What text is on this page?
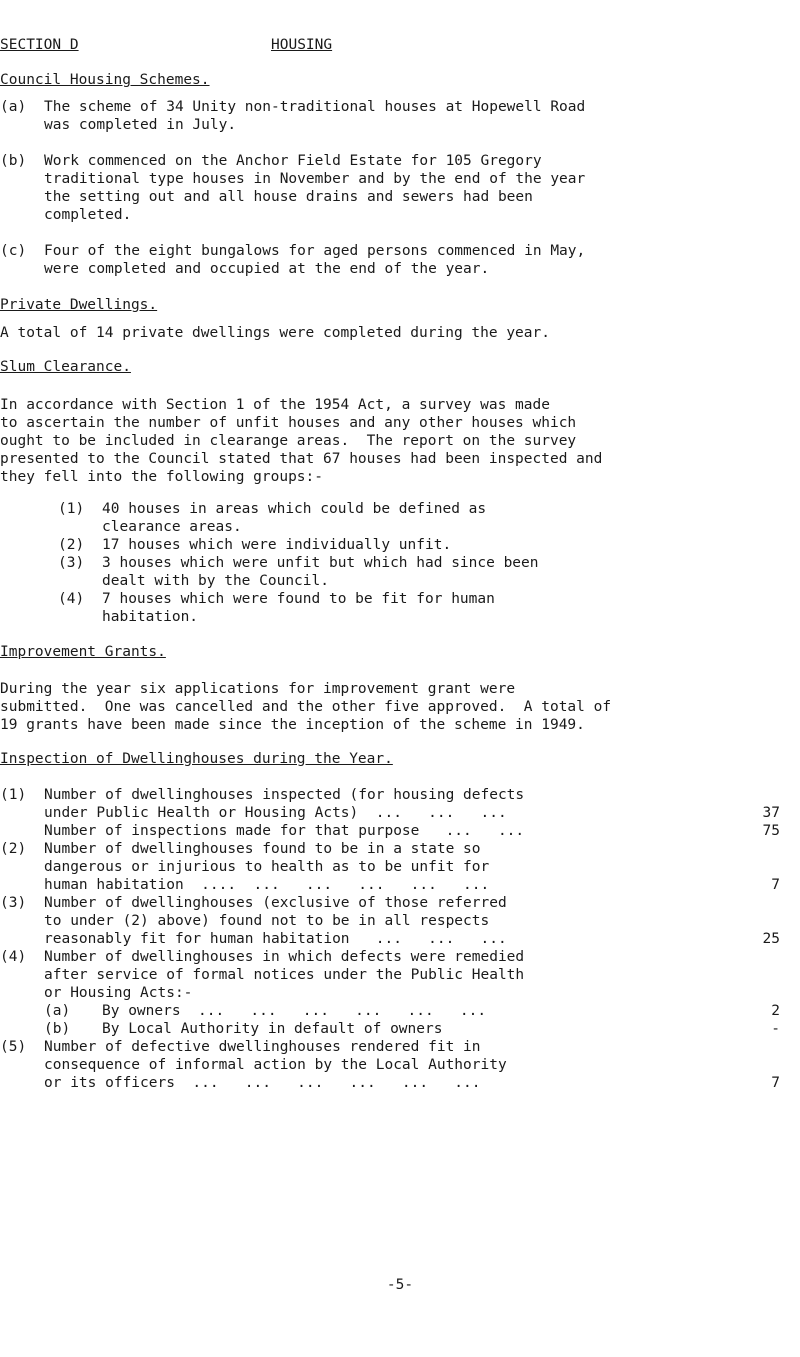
SECTION D	HOUSING
Council Housing Schemes.
(a) The scheme of 34 Unity non-traditional houses at Hopewell Road
was completed in July.
(b) Work commenced on the Anchor Field Estate for 105 Gregory
traditional type houses in November and by the end of the year
the setting out and all house drains and sewers had been
completed.
(c) Four of the eight bungalows for aged persons commenced in May,
were completed and occupied at the end of the year.
Private Dwellings.
A total of 14 private dwellings were completed during the year.
Slum Clearance.
In accordance with Section 1 of the 1954 Act, a survey was made
to ascertain the number of unfit houses and any other houses which
ought to be included in clearange areas.  The report on the survey
presented to the Council stated that 67 houses had been inspected and
they fell into the following groups:-
(1) 40 houses in areas which could be defined as
clearance areas.
(2) 17 houses which were individually unfit.
(3) 3 houses which were unfit but which had since been
dealt with by the Council.
(4) 7 houses which were found to be fit for human
habitation.
Improvement Grants.
During the year six applications for improvement grant were
submitted.  One was cancelled and the other five approved.  A total of
19 grants have been made since the inception of the scheme in 1949.
Inspection of Dwellinghouses during the Year.
(1) Number of dwellinghouses inspected (for housing defects
under Public Health or Housing Acts)  ...   ...   ...	37
Number of inspections made for that purpose   ...   ...	75
(2) Number of dwellinghouses found to be in a state so
dangerous or injurious to health as to be unfit for
human habitation  ....  ...   ...   ...   ...   ...	7
(3) Number of dwellinghouses (exclusive of those referred
to under (2) above) found not to be in all respects
reasonably fit for human habitation   ...   ...   ...	25
(4) Number of dwellinghouses in which defects were remedied
after service of formal notices under the Public Health
or Housing Acts:-
(a) By owners  ...   ...   ...   ...   ...   ...	2
(b) By Local Authority in default of owners	-
(5) Number of defective dwellinghouses rendered fit in
consequence of informal action by the Local Authority
or its officers  ...   ...   ...   ...   ...   ...	7
-5-
